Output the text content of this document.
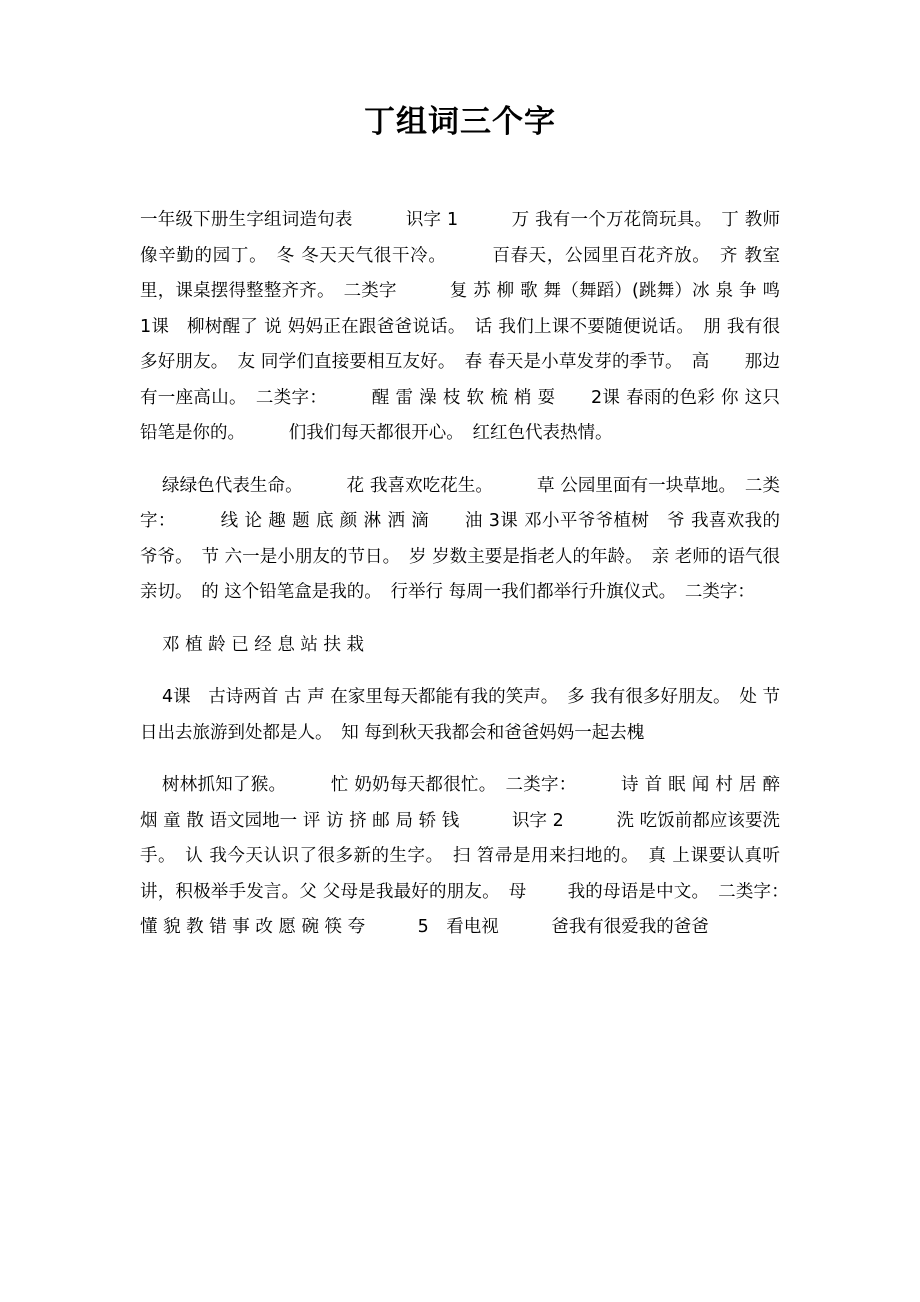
丁组词三个字

一年级下册生字组词造句表　　　识字 1　　　万 我有一个万花筒玩具。　丁 教师像辛勤的园丁。　冬 冬天天气很干冷。　　　百春天，公园里百花齐放。　齐 教室里，课桌摆得整整齐齐。　二类字　　　复 苏 柳 歌 舞（舞蹈）(跳舞）冰 泉 争 鸣　　1课　柳树醒了 说 妈妈正在跟爸爸说话。　话 我们上课不要随便说话。　朋 我有很多好朋友。　友 同学们直接要相互友好。　春 春天是小草发芽的季节。　高　　那边有一座高山。　二类字：　　　醒 雷 澡 枝 软 梳 梢 耍　　2课 春雨的色彩 你 这只铅笔是你的。　　　们我们每天都很开心。　红红色代表热情。

绿绿色代表生命。　　　花 我喜欢吃花生。　　　草 公园里面有一块草地。　二类字：　　　线 论 趣 题 底 颜 淋 洒 滴　　油 3课 邓小平爷爷植树　爷 我喜欢我的爷爷。　节 六一是小朋友的节日。　岁 岁数主要是指老人的年龄。　亲 老师的语气很亲切。　的 这个铅笔盒是我的。　行举行 每周一我们都举行升旗仪式。　二类字：

邓 植 龄 已 经 息 站 扶 栽

4课　古诗两首 古 声 在家里每天都能有我的笑声。　多 我有很多好朋友。　处 节日出去旅游到处都是人。　知 每到秋天我都会和爸爸妈妈一起去槐

树林抓知了猴。　　　忙 奶奶每天都很忙。　二类字：　　　诗 首 眠 闻 村 居 醉 烟 童 散 语文园地一 评 访 挤 邮 局 轿 钱　　　识字 2　　　洗 吃饭前都应该要洗手。　认 我今天认识了很多新的生字。　扫 笤帚是用来扫地的。　真 上课要认真听讲，积极举手发言。父 父母是我最好的朋友。　母　　 我的母语是中文。　二类字：　　　懂 貌 教 错 事 改 愿 碗 筷 夸　　　5　看电视　　　爸我有很爱我的爸爸
